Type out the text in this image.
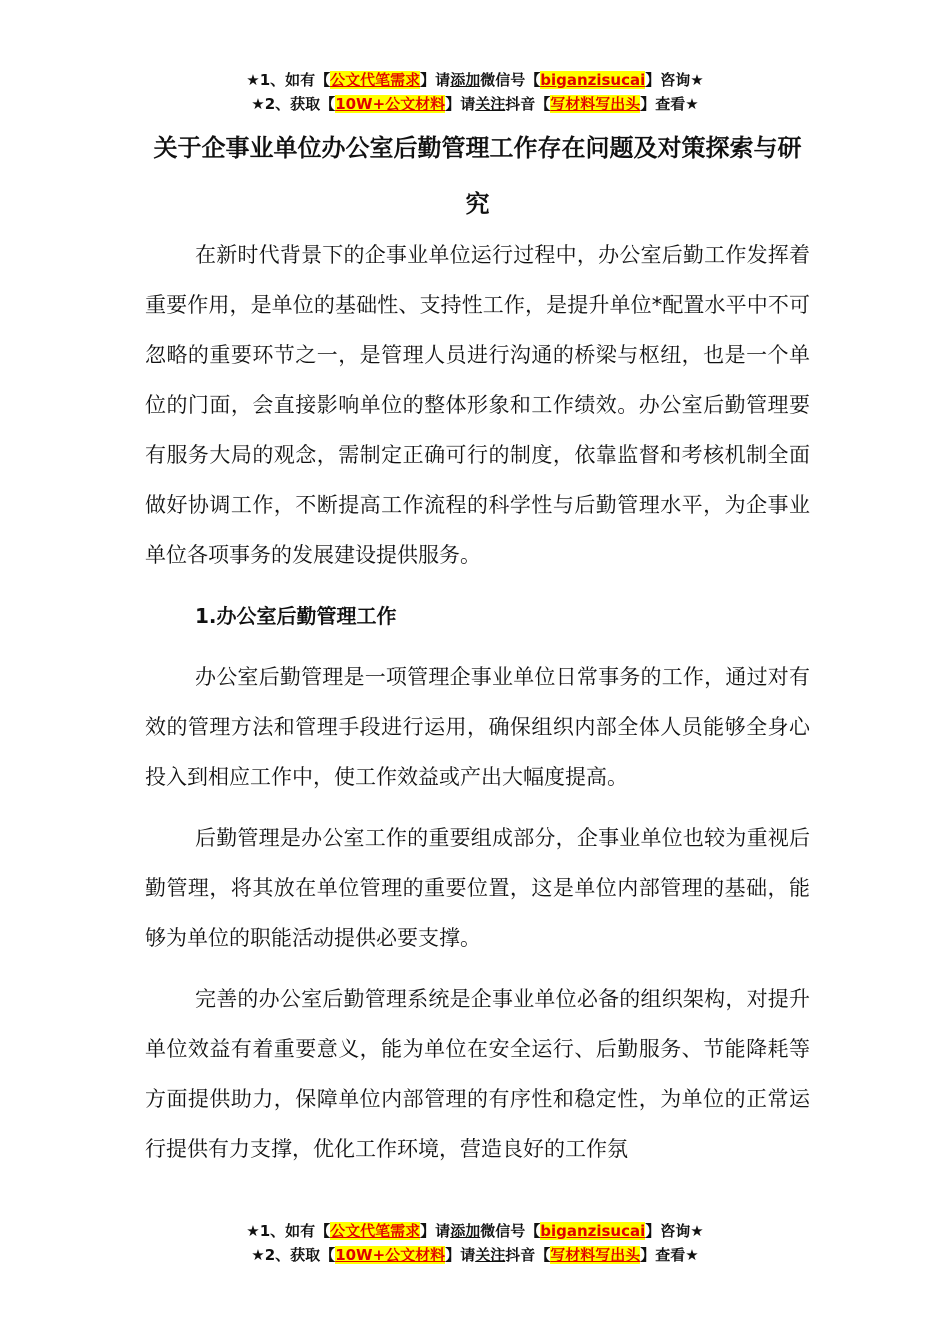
★1、如有【公文代笔需求】请添加微信号【biganzisucai】咨询★
★2、获取【10W+公文材料】请关注抖音【写材料写出头】查看★
关于企事业单位办公室后勤管理工作存在问题及对策探索与研究

在新时代背景下的企事业单位运行过程中，办公室后勤工作发挥着重要作用，是单位的基础性、支持性工作，是提升单位*配置水平中不可忽略的重要环节之一，是管理人员进行沟通的桥梁与枢纽，也是一个单位的门面，会直接影响单位的整体形象和工作绩效。办公室后勤管理要有服务大局的观念，需制定正确可行的制度，依靠监督和考核机制全面做好协调工作，不断提高工作流程的科学性与后勤管理水平，为企事业单位各项事务的发展建设提供服务。

1.办公室后勤管理工作

办公室后勤管理是一项管理企事业单位日常事务的工作，通过对有效的管理方法和管理手段进行运用，确保组织内部全体人员能够全身心投入到相应工作中，使工作效益或产出大幅度提高。

后勤管理是办公室工作的重要组成部分，企事业单位也较为重视后勤管理，将其放在单位管理的重要位置，这是单位内部管理的基础，能够为单位的职能活动提供必要支撑。

完善的办公室后勤管理系统是企事业单位必备的组织架构，对提升单位效益有着重要意义，能为单位在安全运行、后勤服务、节能降耗等方面提供助力，保障单位内部管理的有序性和稳定性，为单位的正常运行提供有力支撑，优化工作环境，营造良好的工作氛

★1、如有【公文代笔需求】请添加微信号【biganzisucai】咨询★
★2、获取【10W+公文材料】请关注抖音【写材料写出头】查看★
